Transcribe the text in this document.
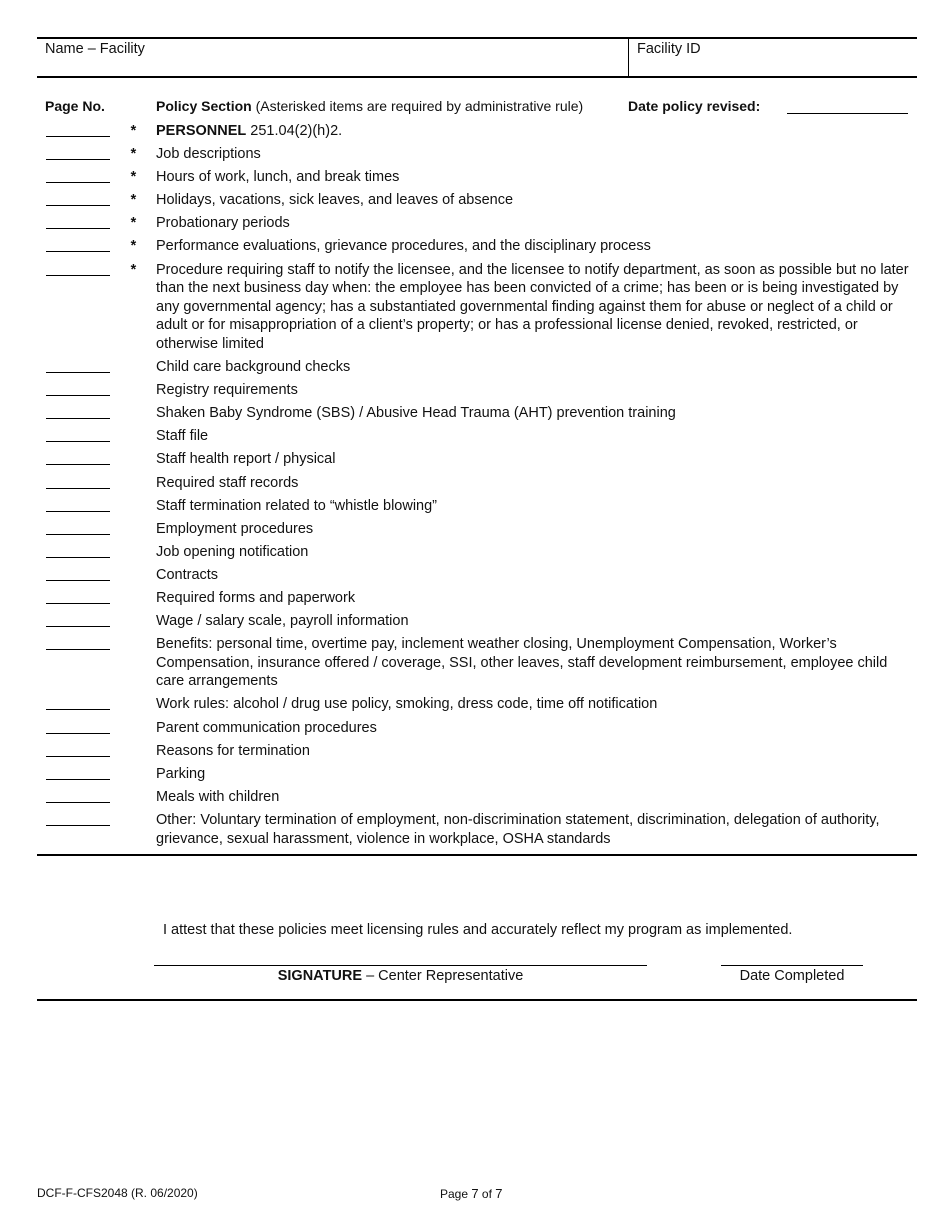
Name – Facility	Facility ID
Page No.	Policy Section (Asterisked items are required by administrative rule)	Date policy revised:
* PERSONNEL 251.04(2)(h)2.
* Job descriptions
* Hours of work, lunch, and break times
* Holidays, vacations, sick leaves, and leaves of absence
* Probationary periods
* Performance evaluations, grievance procedures, and the disciplinary process
* Procedure requiring staff to notify the licensee, and the licensee to notify department, as soon as possible but no later than the next business day when: the employee has been convicted of a crime; has been or is being investigated by any governmental agency; has a substantiated governmental finding against them for abuse or neglect of a child or adult or for misappropriation of a client’s property; or has a professional license denied, revoked, restricted, or otherwise limited
Child care background checks
Registry requirements
Shaken Baby Syndrome (SBS) / Abusive Head Trauma (AHT) prevention training
Staff file
Staff health report / physical
Required staff records
Staff termination related to “whistle blowing”
Employment procedures
Job opening notification
Contracts
Required forms and paperwork
Wage / salary scale, payroll information
Benefits: personal time, overtime pay, inclement weather closing, Unemployment Compensation, Worker’s Compensation, insurance offered / coverage, SSI, other leaves, staff development reimbursement, employee child care arrangements
Work rules: alcohol / drug use policy, smoking, dress code, time off notification
Parent communication procedures
Reasons for termination
Parking
Meals with children
Other: Voluntary termination of employment, non-discrimination statement, discrimination, delegation of authority, grievance, sexual harassment, violence in workplace, OSHA standards
I attest that these policies meet licensing rules and accurately reflect my program as implemented.
SIGNATURE – Center Representative	Date Completed
DCF-F-CFS2048 (R. 06/2020)	Page 7 of 7
